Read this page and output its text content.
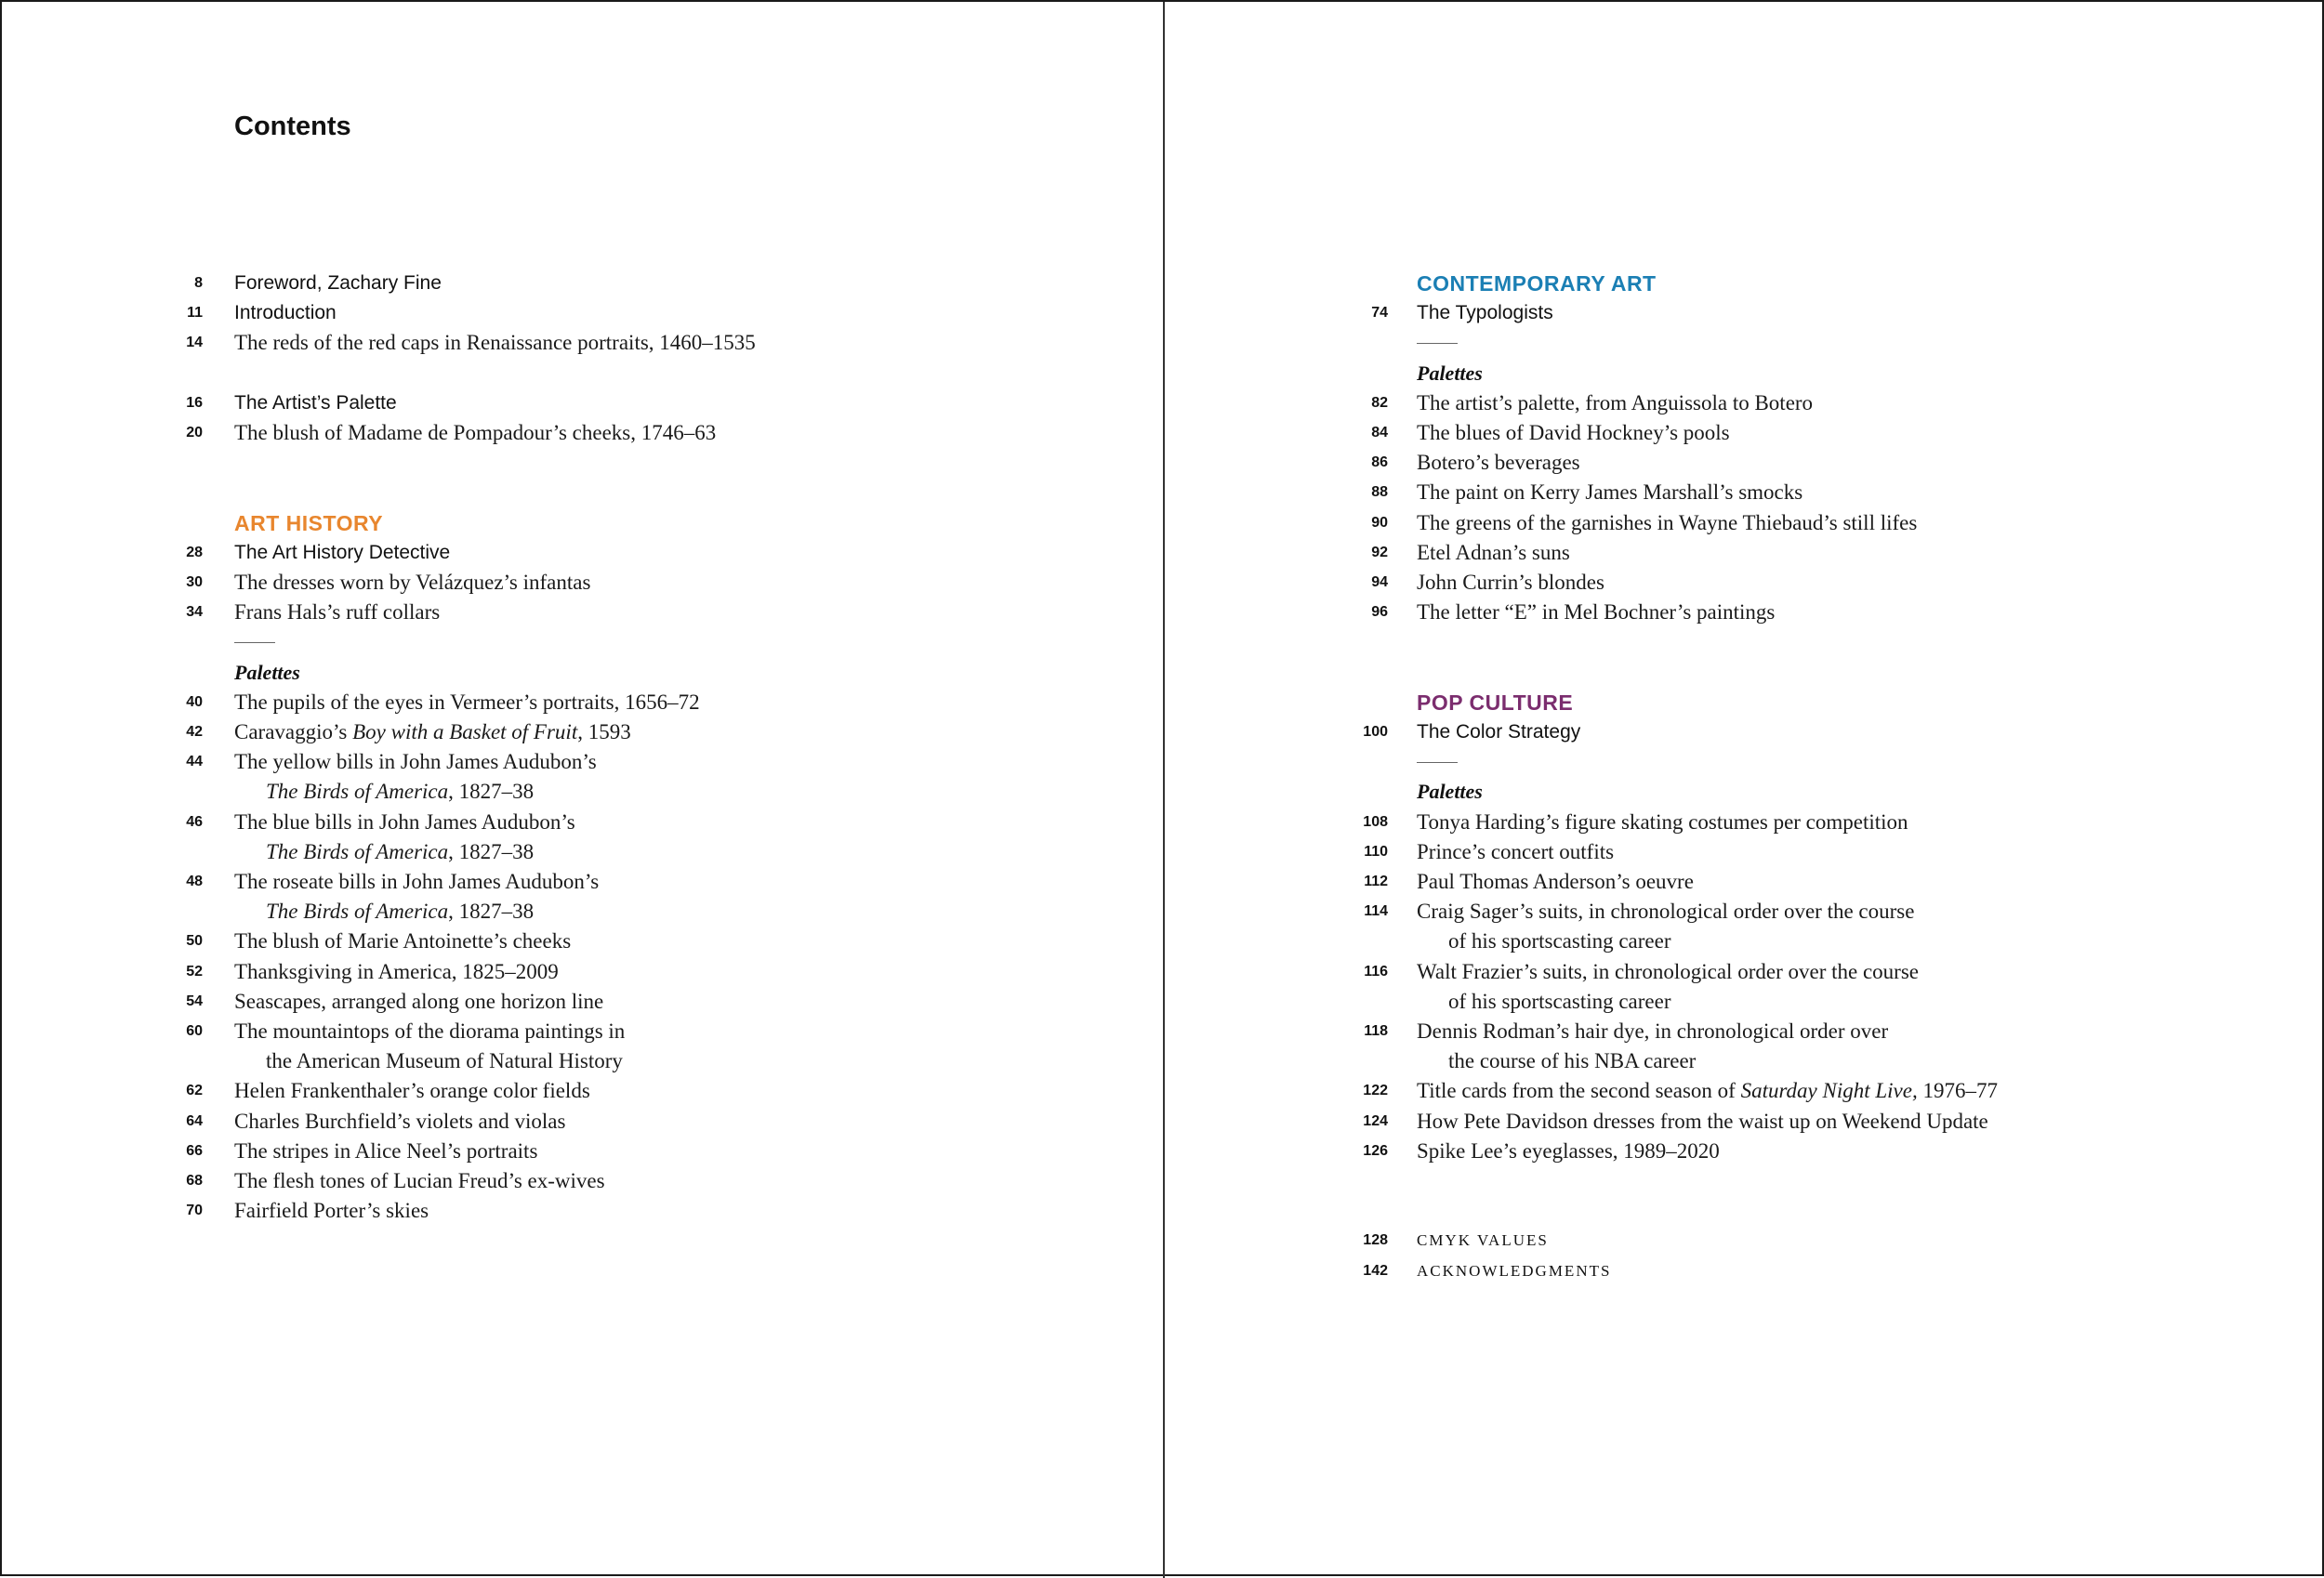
Contents
8 Foreword, Zachary Fine
11 Introduction
14 The reds of the red caps in Renaissance portraits, 1460–1535
16 The Artist’s Palette
20 The blush of Madame de Pompadour’s cheeks, 1746–63
ART HISTORY
28 The Art History Detective
30 The dresses worn by Velázquez’s infantas
34 Frans Hals’s ruff collars
Palettes
40 The pupils of the eyes in Vermeer’s portraits, 1656–72
42 Caravaggio’s Boy with a Basket of Fruit, 1593
44 The yellow bills in John James Audubon’s
The Birds of America, 1827–38
46 The blue bills in John James Audubon’s
The Birds of America, 1827–38
48 The roseate bills in John James Audubon’s
The Birds of America, 1827–38
50 The blush of Marie Antoinette’s cheeks
52 Thanksgiving in America, 1825–2009
54 Seascapes, arranged along one horizon line
60 The mountaintops of the diorama paintings in
the American Museum of Natural History
62 Helen Frankenthaler’s orange color fields
64 Charles Burchfield’s violets and violas
66 The stripes in Alice Neel’s portraits
68 The flesh tones of Lucian Freud’s ex-wives
70 Fairfield Porter’s skies
CONTEMPORARY ART
74 The Typologists
Palettes
82 The artist’s palette, from Anguissola to Botero
84 The blues of David Hockney’s pools
86 Botero’s beverages
88 The paint on Kerry James Marshall’s smocks
90 The greens of the garnishes in Wayne Thiebaud’s still lifes
92 Etel Adnan’s suns
94 John Currin’s blondes
96 The letter “E” in Mel Bochner’s paintings
POP CULTURE
100 The Color Strategy
Palettes
108 Tonya Harding’s figure skating costumes per competition
110 Prince’s concert outfits
112 Paul Thomas Anderson’s oeuvre
114 Craig Sager’s suits, in chronological order over the course
of his sportscasting career
116 Walt Frazier’s suits, in chronological order over the course
of his sportscasting career
118 Dennis Rodman’s hair dye, in chronological order over
the course of his NBA career
122 Title cards from the second season of Saturday Night Live, 1976–77
124 How Pete Davidson dresses from the waist up on Weekend Update
126 Spike Lee’s eyeglasses, 1989–2020
128 CMYK VALUES
142 ACKNOWLEDGMENTS
